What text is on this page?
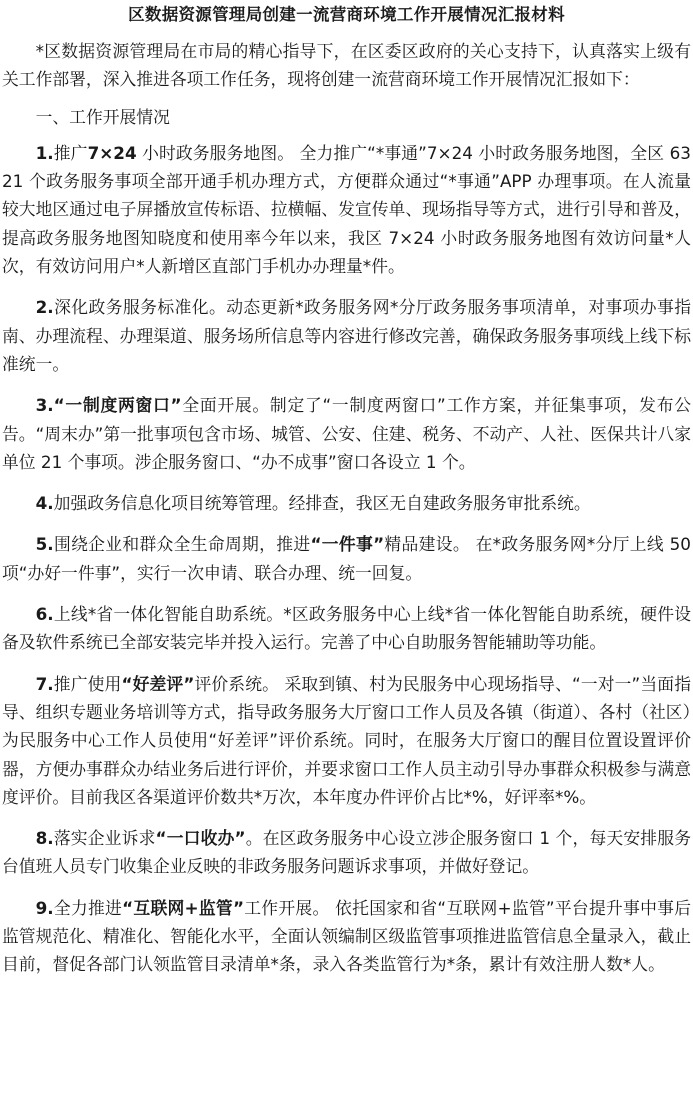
区数据资源管理局创建一流营商环境工作开展情况汇报材料

*区数据资源管理局在市局的精心指导下，在区委区政府的关心支持下，认真落实上级有关工作部署，深入推进各项工作任务，现将创建一流营商环境工作开展情况汇报如下：

一、工作开展情况

1.推广7×24 小时政务服务地图。 全力推广“*事通”7×24 小时政务服务地图，全区 6321 个政务服务事项全部开通手机办理方式，方便群众通过“*事通”APP 办理事项。在人流量较大地区通过电子屏播放宣传标语、拉横幅、发宣传单、现场指导等方式，进行引导和普及，提高政务服务地图知晓度和使用率今年以来，我区 7×24 小时政务服务地图有效访问量*人次，有效访问用户*人新增区直部门手机办办理量*件。

2.深化政务服务标准化。动态更新*政务服务网*分厅政务服务事项清单，对事项办事指南、办理流程、办理渠道、服务场所信息等内容进行修改完善，确保政务服务事项线上线下标准统一。

3.“一制度两窗口”全面开展。制定了“一制度两窗口”工作方案，并征集事项，发布公告。“周末办”第一批事项包含市场、城管、公安、住建、税务、不动产、人社、医保共计八家单位 21 个事项。涉企服务窗口、“办不成事”窗口各设立 1 个。

4.加强政务信息化项目统筹管理。经排查，我区无自建政务服务审批系统。

5.围绕企业和群众全生命周期，推进“一件事”精品建设。 在*政务服务网*分厅上线 50 项“办好一件事”，实行一次申请、联合办理、统一回复。

6.上线*省一体化智能自助系统。*区政务服务中心上线*省一体化智能自助系统，硬件设备及软件系统已全部安装完毕并投入运行。完善了中心自助服务智能辅助等功能。

7.推广使用“好差评”评价系统。 采取到镇、村为民服务中心现场指导、“一对一”当面指导、组织专题业务培训等方式，指导政务服务大厅窗口工作人员及各镇（街道）、各村（社区）为民服务中心工作人员使用“好差评”评价系统。同时，在服务大厅窗口的醒目位置设置评价器，方便办事群众办结业务后进行评价，并要求窗口工作人员主动引导办事群众积极参与满意度评价。目前我区各渠道评价数共*万次，本年度办件评价占比*%，好评率*%。

8.落实企业诉求“一口收办”。在区政务服务中心设立涉企服务窗口 1 个，每天安排服务台值班人员专门收集企业反映的非政务服务问题诉求事项，并做好登记。

9.全力推进“互联网+监管”工作开展。 依托国家和省“互联网+监管”平台提升事中事后监管规范化、精准化、智能化水平，全面认领编制区级监管事项推进监管信息全量录入，截止目前，督促各部门认领监管目录清单*条，录入各类监管行为*条，累计有效注册人数*人。
